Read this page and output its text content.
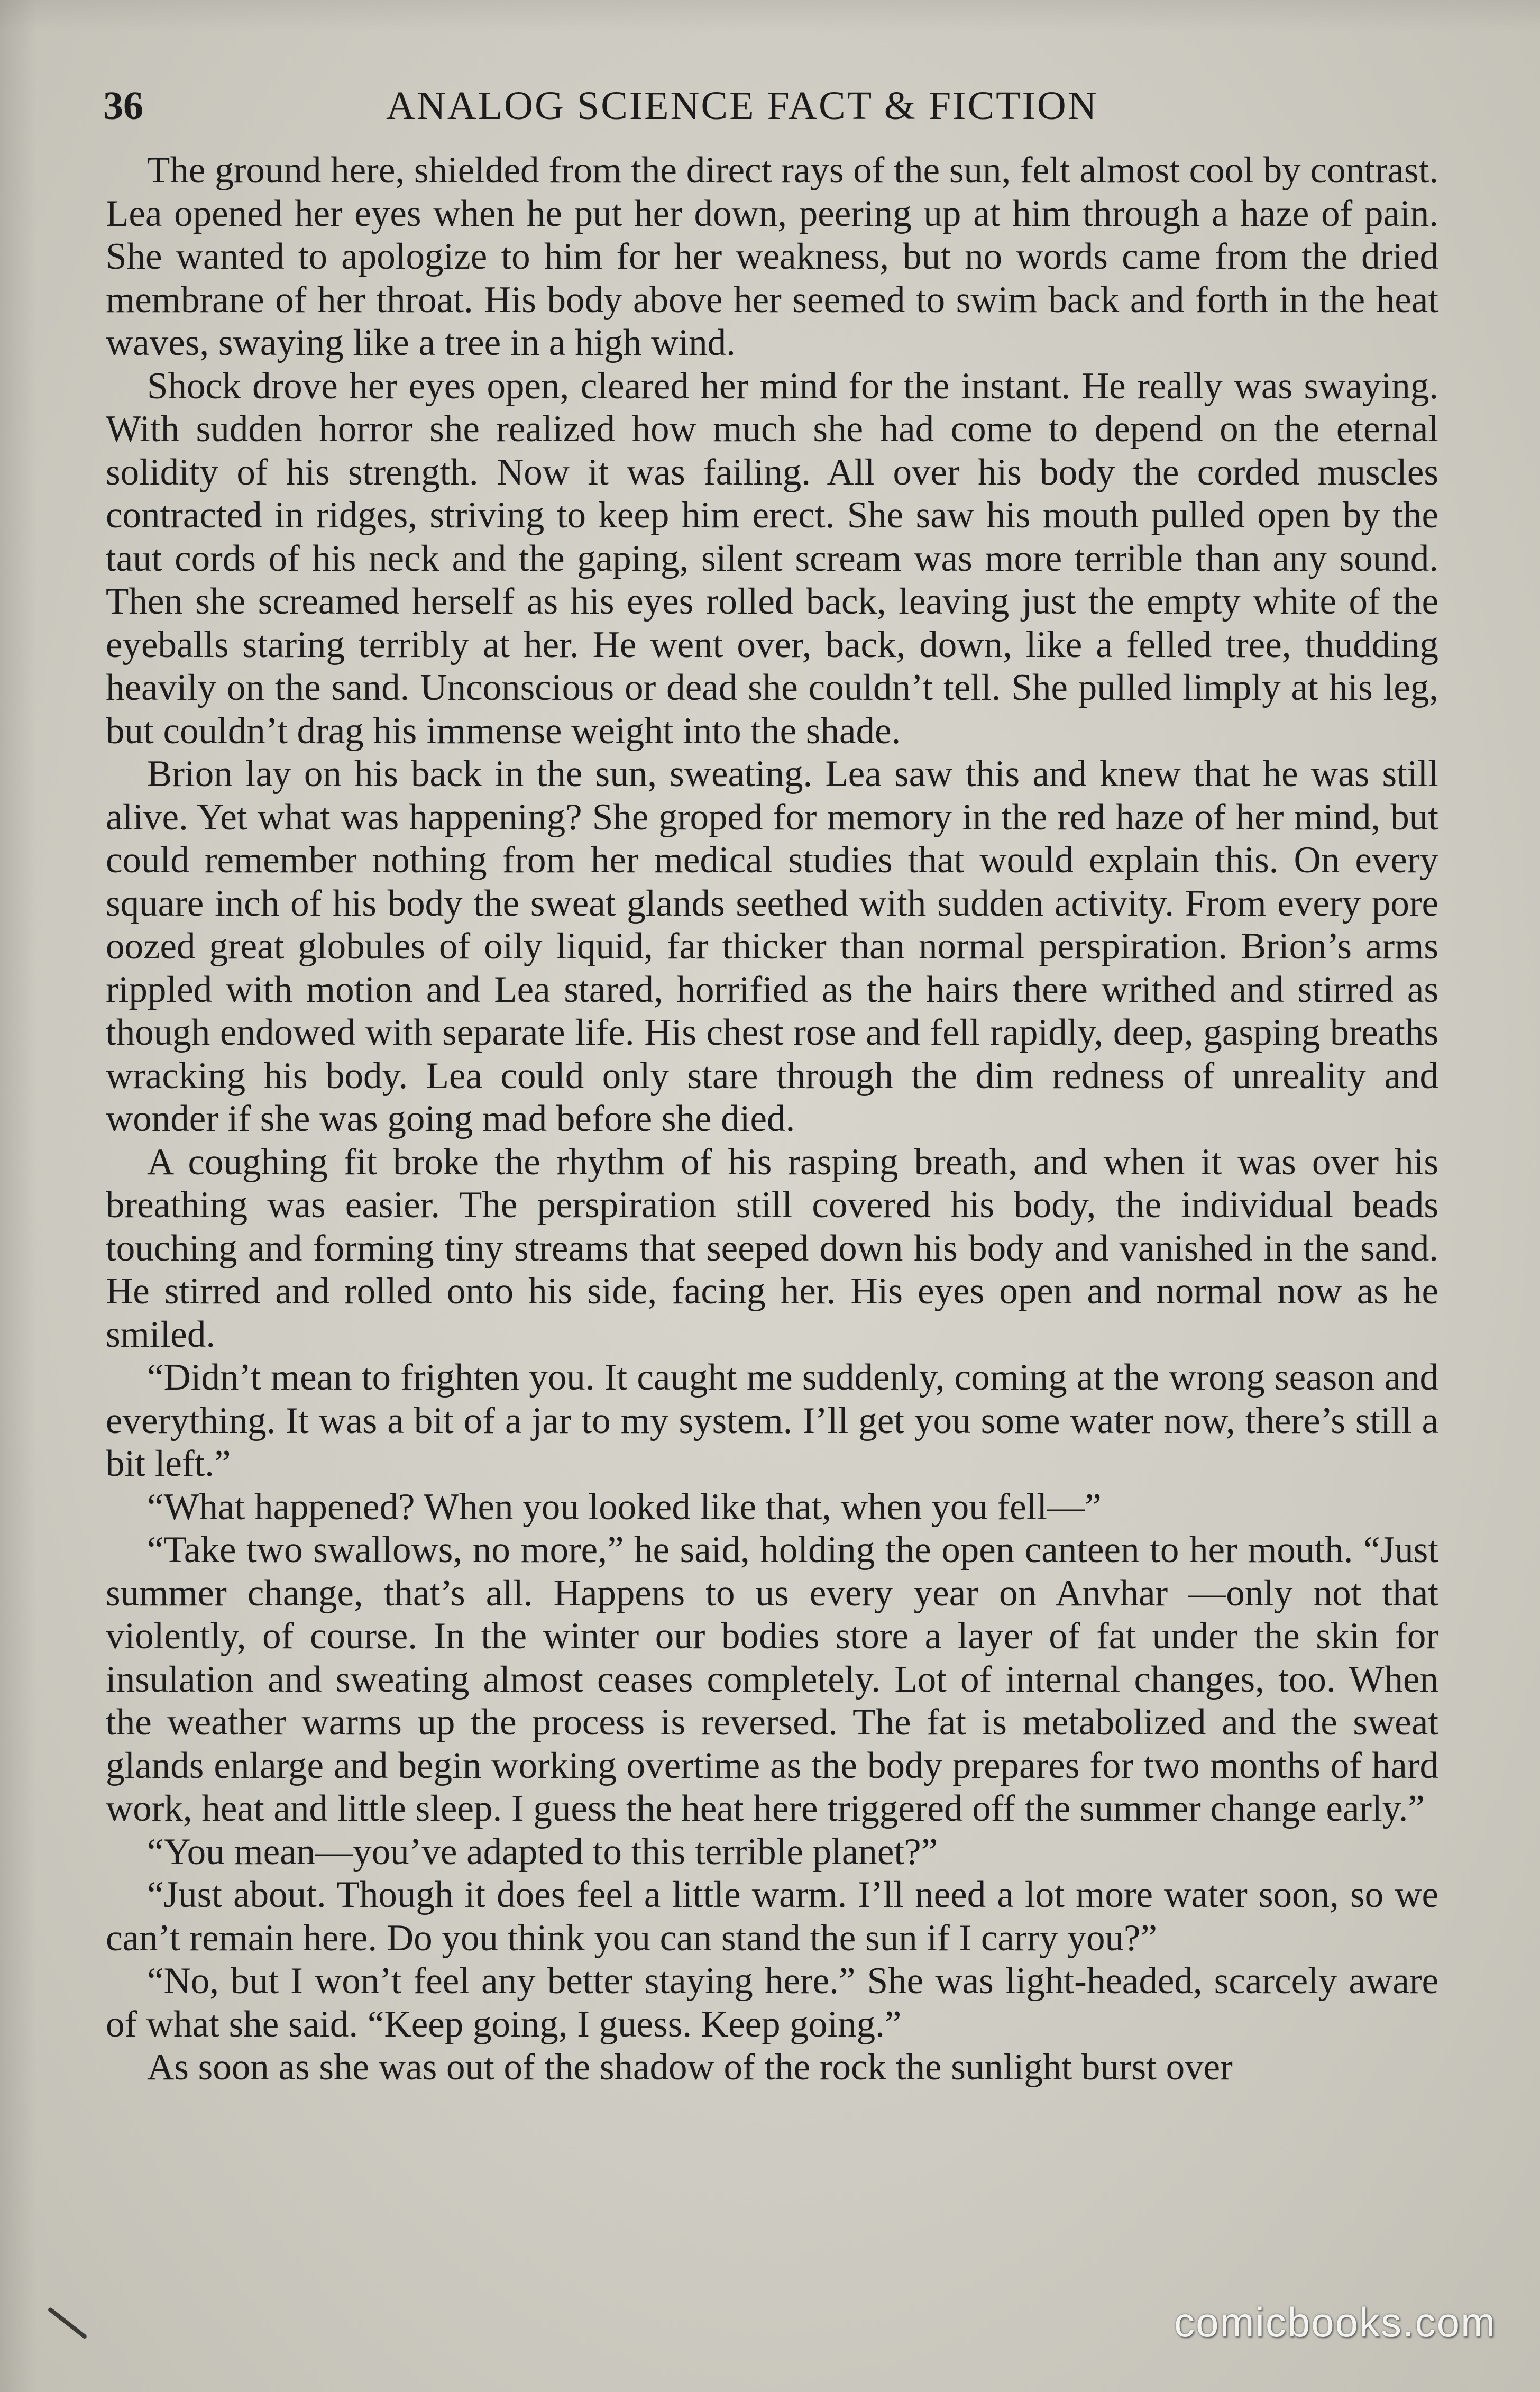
36	ANALOG SCIENCE FACT & FICTION

The ground here, shielded from the direct rays of the sun, felt almost cool by contrast. Lea opened her eyes when he put her down, peering up at him through a haze of pain. She wanted to apologize to him for her weakness, but no words came from the dried membrane of her throat. His body above her seemed to swim back and forth in the heat waves, swaying like a tree in a high wind.

Shock drove her eyes open, cleared her mind for the instant. He really was swaying. With sudden horror she realized how much she had come to depend on the eternal solidity of his strength. Now it was failing. All over his body the corded muscles contracted in ridges, striving to keep him erect. She saw his mouth pulled open by the taut cords of his neck and the gaping, silent scream was more terrible than any sound. Then she screamed herself as his eyes rolled back, leaving just the empty white of the eyeballs staring terribly at her. He went over, back, down, like a felled tree, thudding heavily on the sand. Unconscious or dead she couldn’t tell. She pulled limply at his leg, but couldn’t drag his immense weight into the shade.

Brion lay on his back in the sun, sweating. Lea saw this and knew that he was still alive. Yet what was happening? She groped for memory in the red haze of her mind, but could remember nothing from her medical studies that would explain this. On every square inch of his body the sweat glands seethed with sudden activity. From every pore oozed great globules of oily liquid, far thicker than normal perspiration. Brion’s arms rippled with motion and Lea stared, horrified as the hairs there writhed and stirred as though endowed with separate life. His chest rose and fell rapidly, deep, gasping breaths wracking his body. Lea could only stare through the dim redness of unreality and wonder if she was going mad before she died.

A coughing fit broke the rhythm of his rasping breath, and when it was over his breathing was easier. The perspiration still covered his body, the individual beads touching and forming tiny streams that seeped down his body and vanished in the sand. He stirred and rolled onto his side, facing her. His eyes open and normal now as he smiled.

“Didn’t mean to frighten you. It caught me suddenly, coming at the wrong season and everything. It was a bit of a jar to my system. I’ll get you some water now, there’s still a bit left.”

“What happened? When you looked like that, when you fell—”

“Take two swallows, no more,” he said, holding the open canteen to her mouth. “Just summer change, that’s all. Happens to us every year on Anvhar —only not that violently, of course. In the winter our bodies store a layer of fat under the skin for insulation and sweating almost ceases completely. Lot of internal changes, too. When the weather warms up the process is reversed. The fat is metabolized and the sweat glands enlarge and begin working overtime as the body prepares for two months of hard work, heat and little sleep. I guess the heat here triggered off the summer change early.”

“You mean—you’ve adapted to this terrible planet?”

“Just about. Though it does feel a little warm. I’ll need a lot more water soon, so we can’t remain here. Do you think you can stand the sun if I carry you?”

“No, but I won’t feel any better staying here.” She was light-headed, scarcely aware of what she said. “Keep going, I guess. Keep going.”

As soon as she was out of the shadow of the rock the sunlight burst over

comicbooks.com
